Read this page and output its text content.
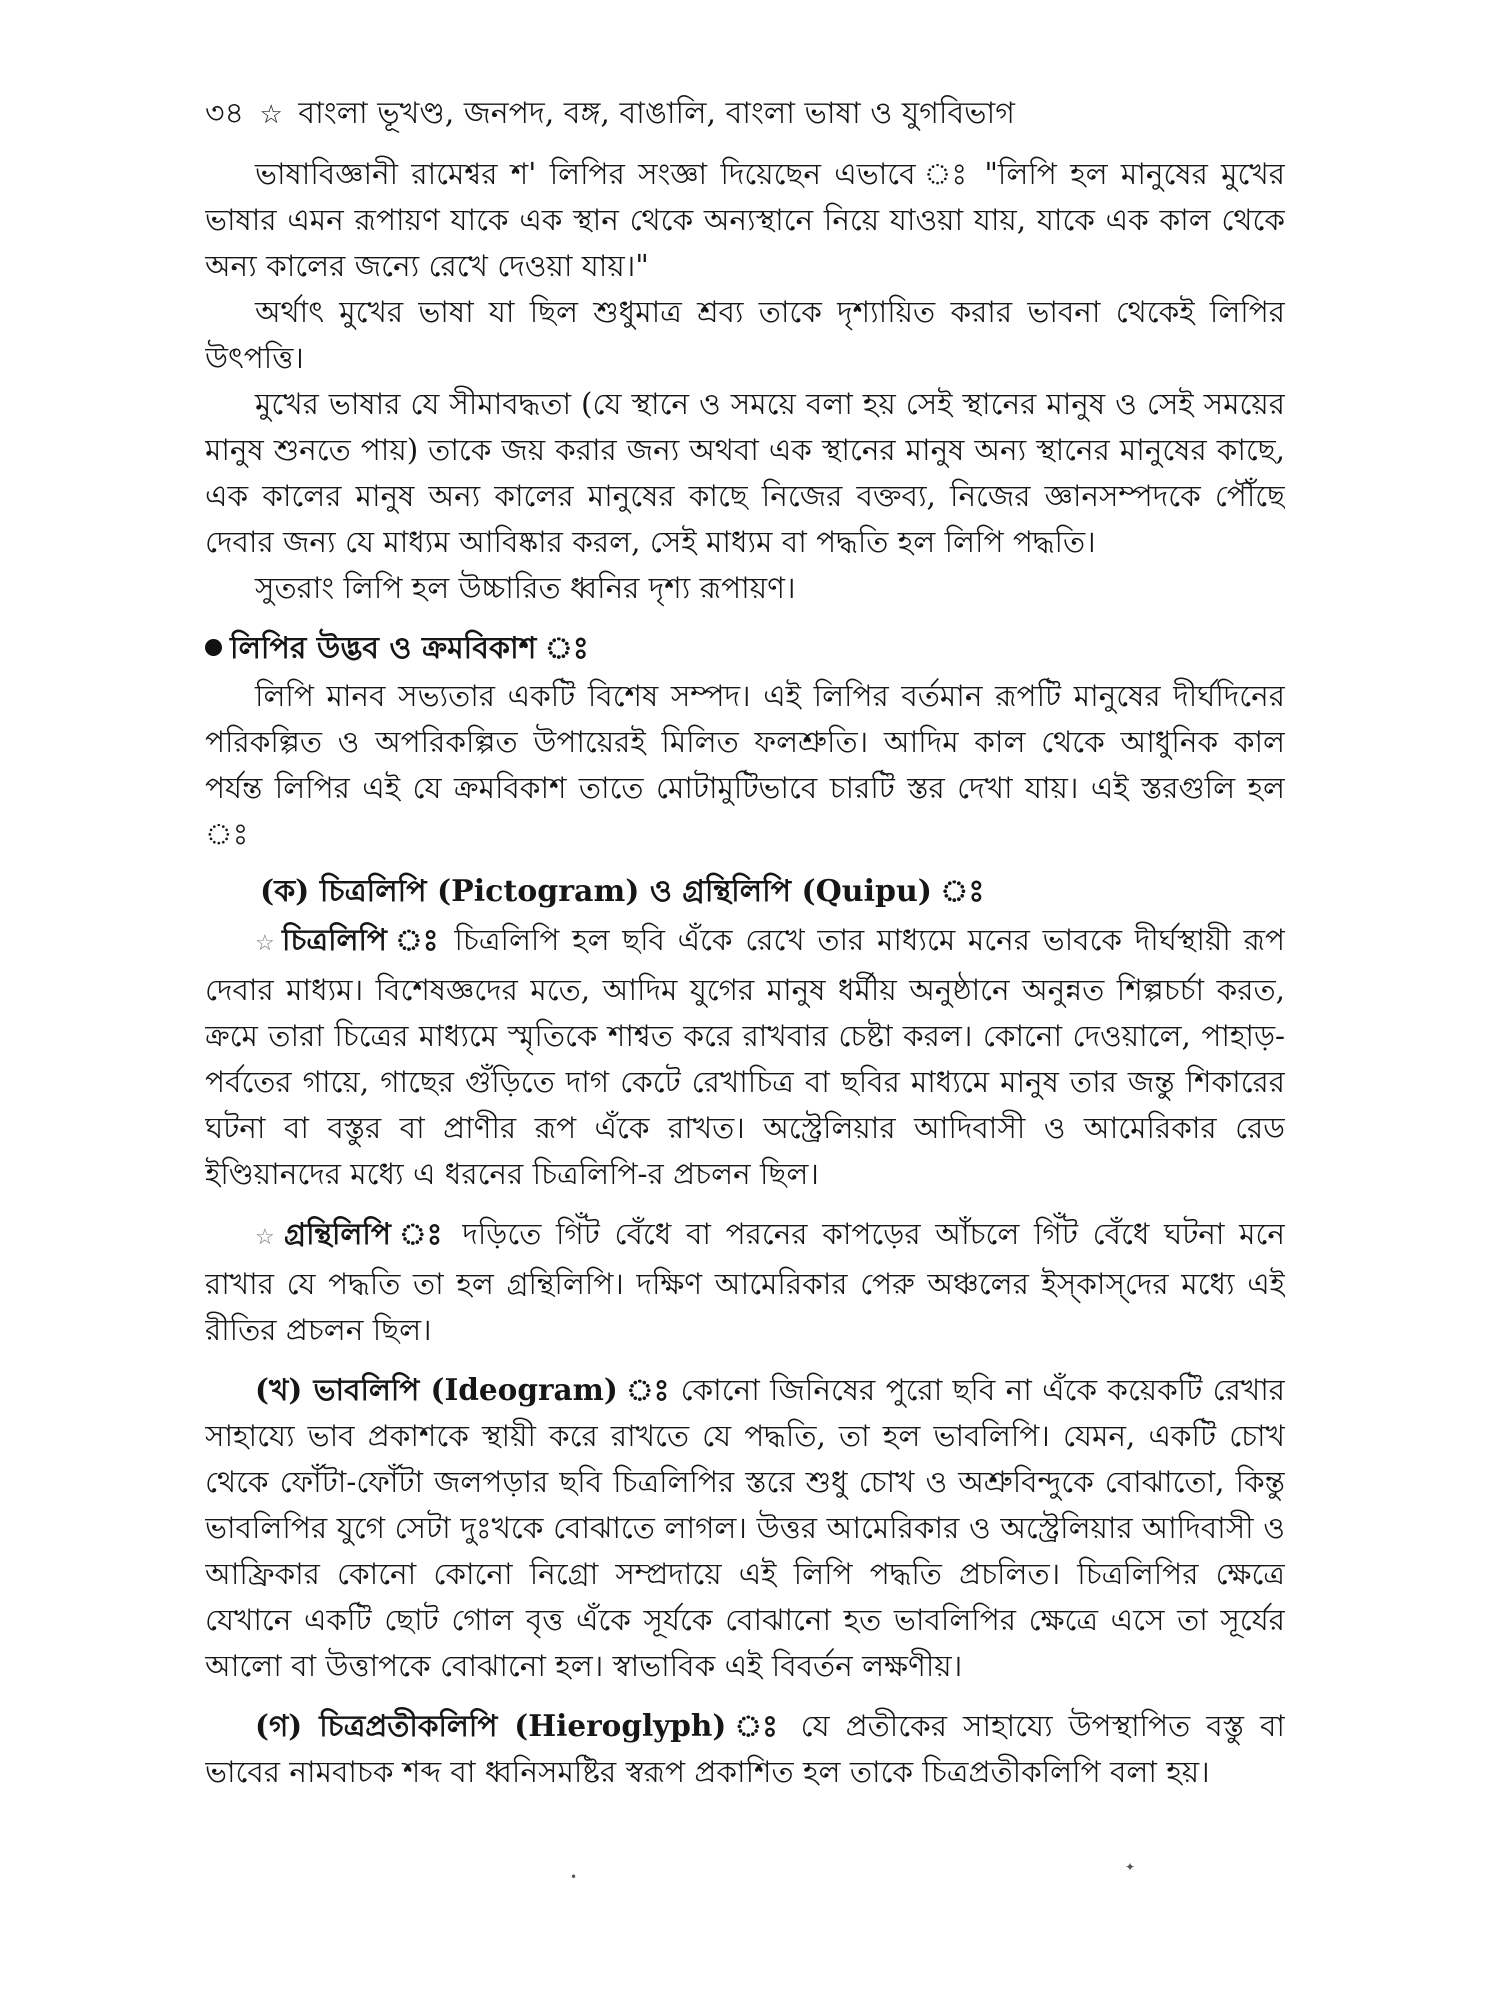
৩৪ ☆ বাংলা ভূখণ্ড, জনপদ, বঙ্গ, বাঙালি, বাংলা ভাষা ও যুগবিভাগ

ভাষাবিজ্ঞানী রামেশ্বর শ' লিপির সংজ্ঞা দিয়েছেন এভাবে ঃ "লিপি হল মানুষের মুখের ভাষার এমন রূপায়ণ যাকে এক স্থান থেকে অন্যস্থানে নিয়ে যাওয়া যায়, যাকে এক কাল থেকে অন্য কালের জন্যে রেখে দেওয়া যায়।"

অর্থাৎ মুখের ভাষা যা ছিল শুধুমাত্র শ্রব্য তাকে দৃশ্যায়িত করার ভাবনা থেকেই লিপির উৎপত্তি।

মুখের ভাষার যে সীমাবদ্ধতা (যে স্থানে ও সময়ে বলা হয় সেই স্থানের মানুষ ও সেই সময়ের মানুষ শুনতে পায়) তাকে জয় করার জন্য অথবা এক স্থানের মানুষ অন্য স্থানের মানুষের কাছে, এক কালের মানুষ অন্য কালের মানুষের কাছে নিজের বক্তব্য, নিজের জ্ঞানসম্পদকে পৌঁছে দেবার জন্য যে মাধ্যম আবিষ্কার করল, সেই মাধ্যম বা পদ্ধতি হল লিপি পদ্ধতি।

সুতরাং লিপি হল উচ্চারিত ধ্বনির দৃশ্য রূপায়ণ।

লিপির উদ্ভব ও ক্রমবিকাশ ঃ

লিপি মানব সভ্যতার একটি বিশেষ সম্পদ। এই লিপির বর্তমান রূপটি মানুষের দীর্ঘদিনের পরিকল্পিত ও অপরিকল্পিত উপায়েরই মিলিত ফলশ্রুতি। আদিম কাল থেকে আধুনিক কাল পর্যন্ত লিপির এই যে ক্রমবিকাশ তাতে মোটামুটিভাবে চারটি স্তর দেখা যায়। এই স্তরগুলি হল ঃ

(ক) চিত্রলিপি (Pictogram) ও গ্রন্থিলিপি (Quipu) ঃ

☆ চিত্রলিপি ঃ চিত্রলিপি হল ছবি এঁকে রেখে তার মাধ্যমে মনের ভাবকে দীর্ঘস্থায়ী রূপ দেবার মাধ্যম। বিশেষজ্ঞদের মতে, আদিম যুগের মানুষ ধর্মীয় অনুষ্ঠানে অনুন্নত শিল্পচর্চা করত, ক্রমে তারা চিত্রের মাধ্যমে স্মৃতিকে শাশ্বত করে রাখবার চেষ্টা করল। কোনো দেওয়ালে, পাহাড়-পর্বতের গায়ে, গাছের গুঁড়িতে দাগ কেটে রেখাচিত্র বা ছবির মাধ্যমে মানুষ তার জন্তু শিকারের ঘটনা বা বস্তুর বা প্রাণীর রূপ এঁকে রাখত। অস্ট্রেলিয়ার আদিবাসী ও আমেরিকার রেড ইণ্ডিয়ানদের মধ্যে এ ধরনের চিত্রলিপি-র প্রচলন ছিল।

☆ গ্রন্থিলিপি ঃ দড়িতে গিঁট বেঁধে বা পরনের কাপড়ের আঁচলে গিঁট বেঁধে ঘটনা মনে রাখার যে পদ্ধতি তা হল গ্রন্থিলিপি। দক্ষিণ আমেরিকার পেরু অঞ্চলের ইস্‌কাস্‌দের মধ্যে এই রীতির প্রচলন ছিল।

(খ) ভাবলিপি (Ideogram) ঃ কোনো জিনিষের পুরো ছবি না এঁকে কয়েকটি রেখার সাহায্যে ভাব প্রকাশকে স্থায়ী করে রাখতে যে পদ্ধতি, তা হল ভাবলিপি। যেমন, একটি চোখ থেকে ফোঁটা-ফোঁটা জলপড়ার ছবি চিত্রলিপির স্তরে শুধু চোখ ও অশ্রুবিন্দুকে বোঝাতো, কিন্তু ভাবলিপির যুগে সেটা দুঃখকে বোঝাতে লাগল। উত্তর আমেরিকার ও অস্ট্রেলিয়ার আদিবাসী ও আফ্রিকার কোনো কোনো নিগ্রো সম্প্রদায়ে এই লিপি পদ্ধতি প্রচলিত। চিত্রলিপির ক্ষেত্রে যেখানে একটি ছোট গোল বৃত্ত এঁকে সূর্যকে বোঝানো হত ভাবলিপির ক্ষেত্রে এসে তা সূর্যের আলো বা উত্তাপকে বোঝানো হল। স্বাভাবিক এই বিবর্তন লক্ষণীয়।

(গ) চিত্রপ্রতীকলিপি (Hieroglyph) ঃ যে প্রতীকের সাহায্যে উপস্থাপিত বস্তু বা ভাবের নামবাচক শব্দ বা ধ্বনিসমষ্টির স্বরূপ প্রকাশিত হল তাকে চিত্রপ্রতীকলিপি বলা হয়।

•
✦
